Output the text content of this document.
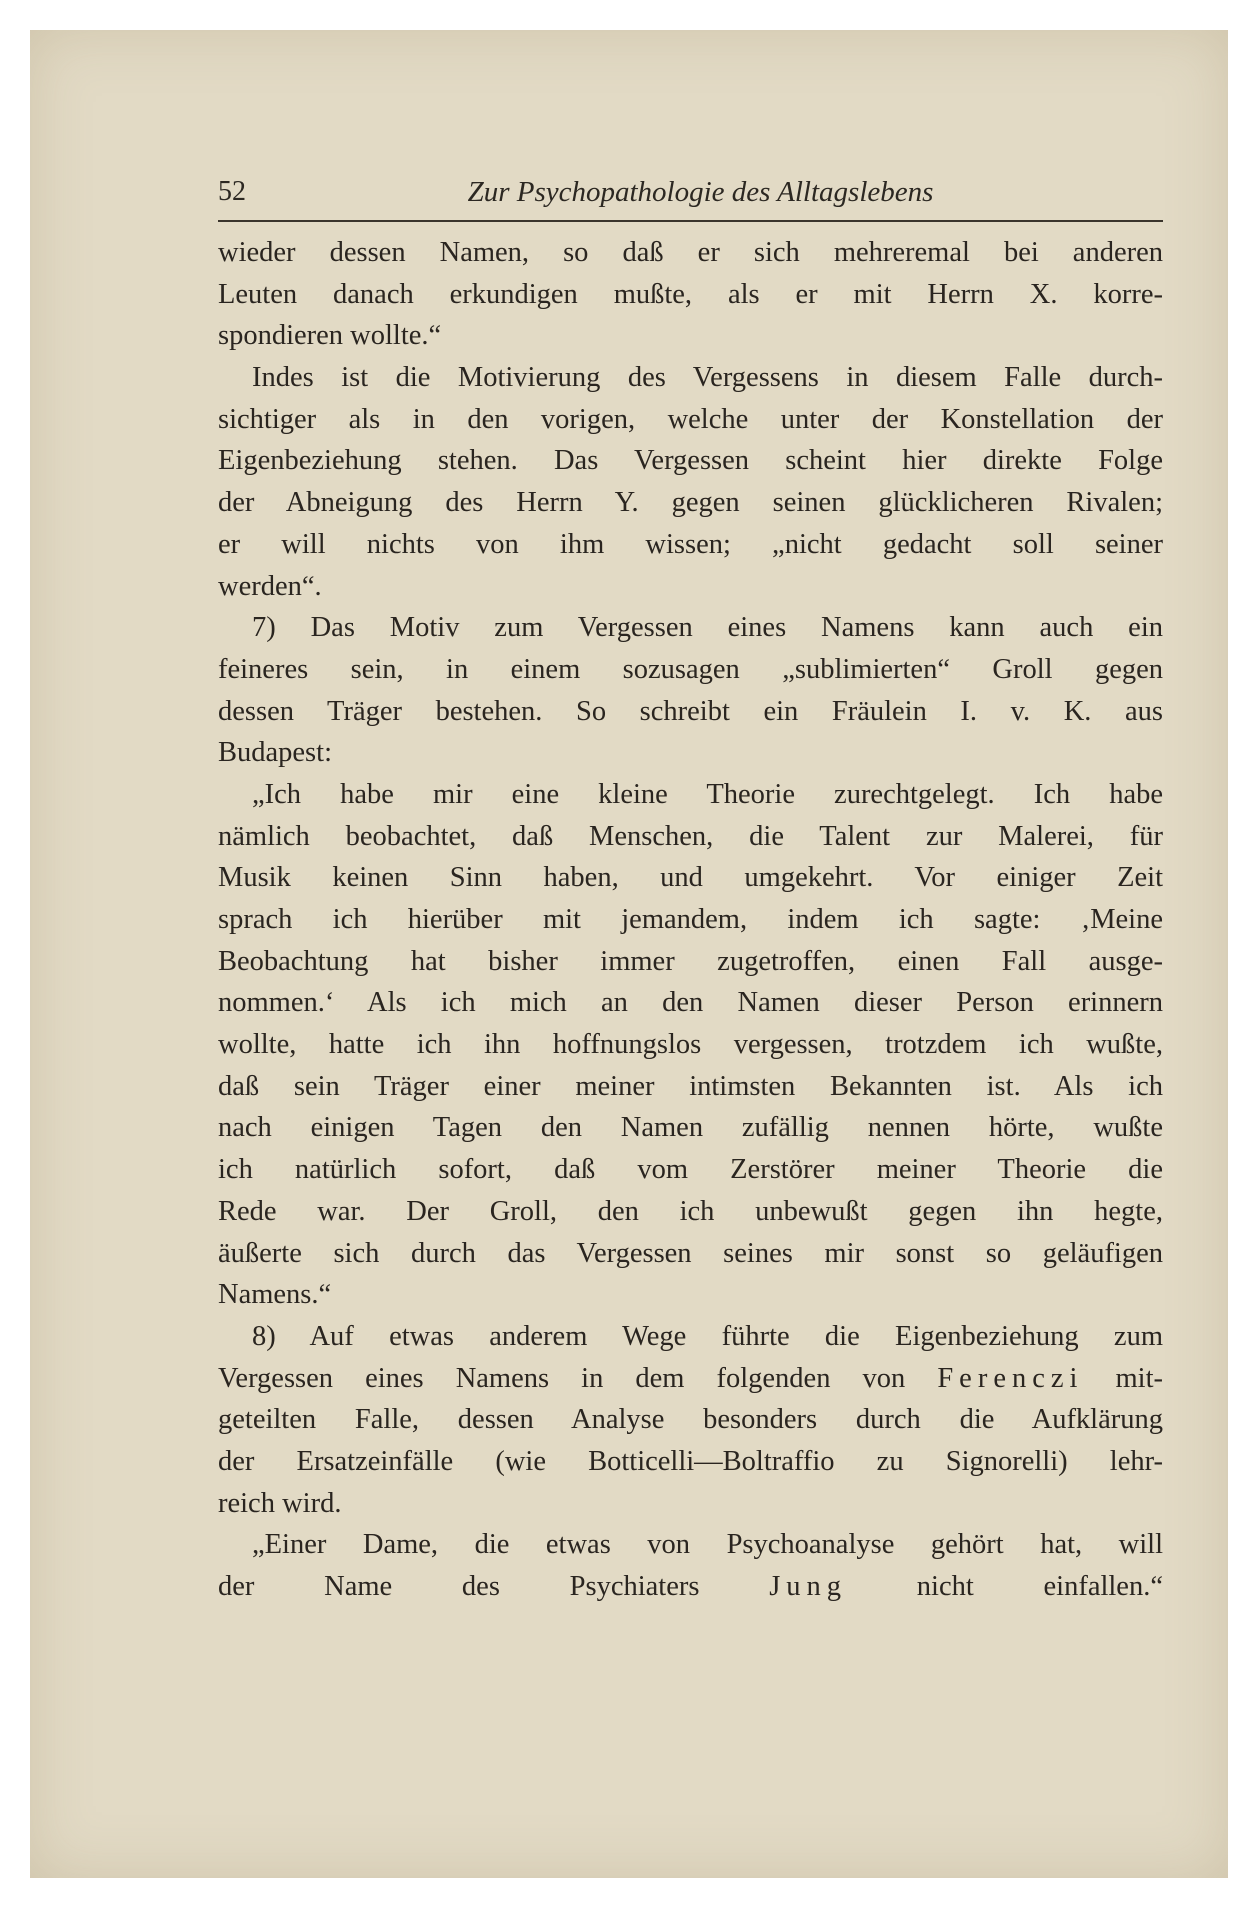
52	Zur Psychopathologie des Alltagslebens
wieder dessen Namen, so daß er sich mehreremal bei anderen
Leuten danach erkundigen mußte, als er mit Herrn X. korre-
spondieren wollte.“
Indes ist die Motivierung des Vergessens in diesem Falle durch-
sichtiger als in den vorigen, welche unter der Konstellation der
Eigenbeziehung stehen. Das Vergessen scheint hier direkte Folge
der Abneigung des Herrn Y. gegen seinen glücklicheren Rivalen;
er will nichts von ihm wissen; „nicht gedacht soll seiner
werden“.
7) Das Motiv zum Vergessen eines Namens kann auch ein
feineres sein, in einem sozusagen „sublimierten“ Groll gegen
dessen Träger bestehen. So schreibt ein Fräulein I. v. K. aus
Budapest:
„Ich habe mir eine kleine Theorie zurechtgelegt. Ich habe
nämlich beobachtet, daß Menschen, die Talent zur Malerei, für
Musik keinen Sinn haben, und umgekehrt. Vor einiger Zeit
sprach ich hierüber mit jemandem, indem ich sagte: ‚Meine
Beobachtung hat bisher immer zugetroffen, einen Fall ausge-
nommen.‘ Als ich mich an den Namen dieser Person erinnern
wollte, hatte ich ihn hoffnungslos vergessen, trotzdem ich wußte,
daß sein Träger einer meiner intimsten Bekannten ist. Als ich
nach einigen Tagen den Namen zufällig nennen hörte, wußte
ich natürlich sofort, daß vom Zerstörer meiner Theorie die
Rede war. Der Groll, den ich unbewußt gegen ihn hegte,
äußerte sich durch das Vergessen seines mir sonst so geläufigen
Namens.“
8) Auf etwas anderem Wege führte die Eigenbeziehung zum
Vergessen eines Namens in dem folgenden von Ferenczi mit-
geteilten Falle, dessen Analyse besonders durch die Aufklärung
der Ersatzeinfälle (wie Botticelli—Boltraffio zu Signorelli) lehr-
reich wird.
„Einer Dame, die etwas von Psychoanalyse gehört hat, will
der Name des Psychiaters Jung nicht einfallen.“
